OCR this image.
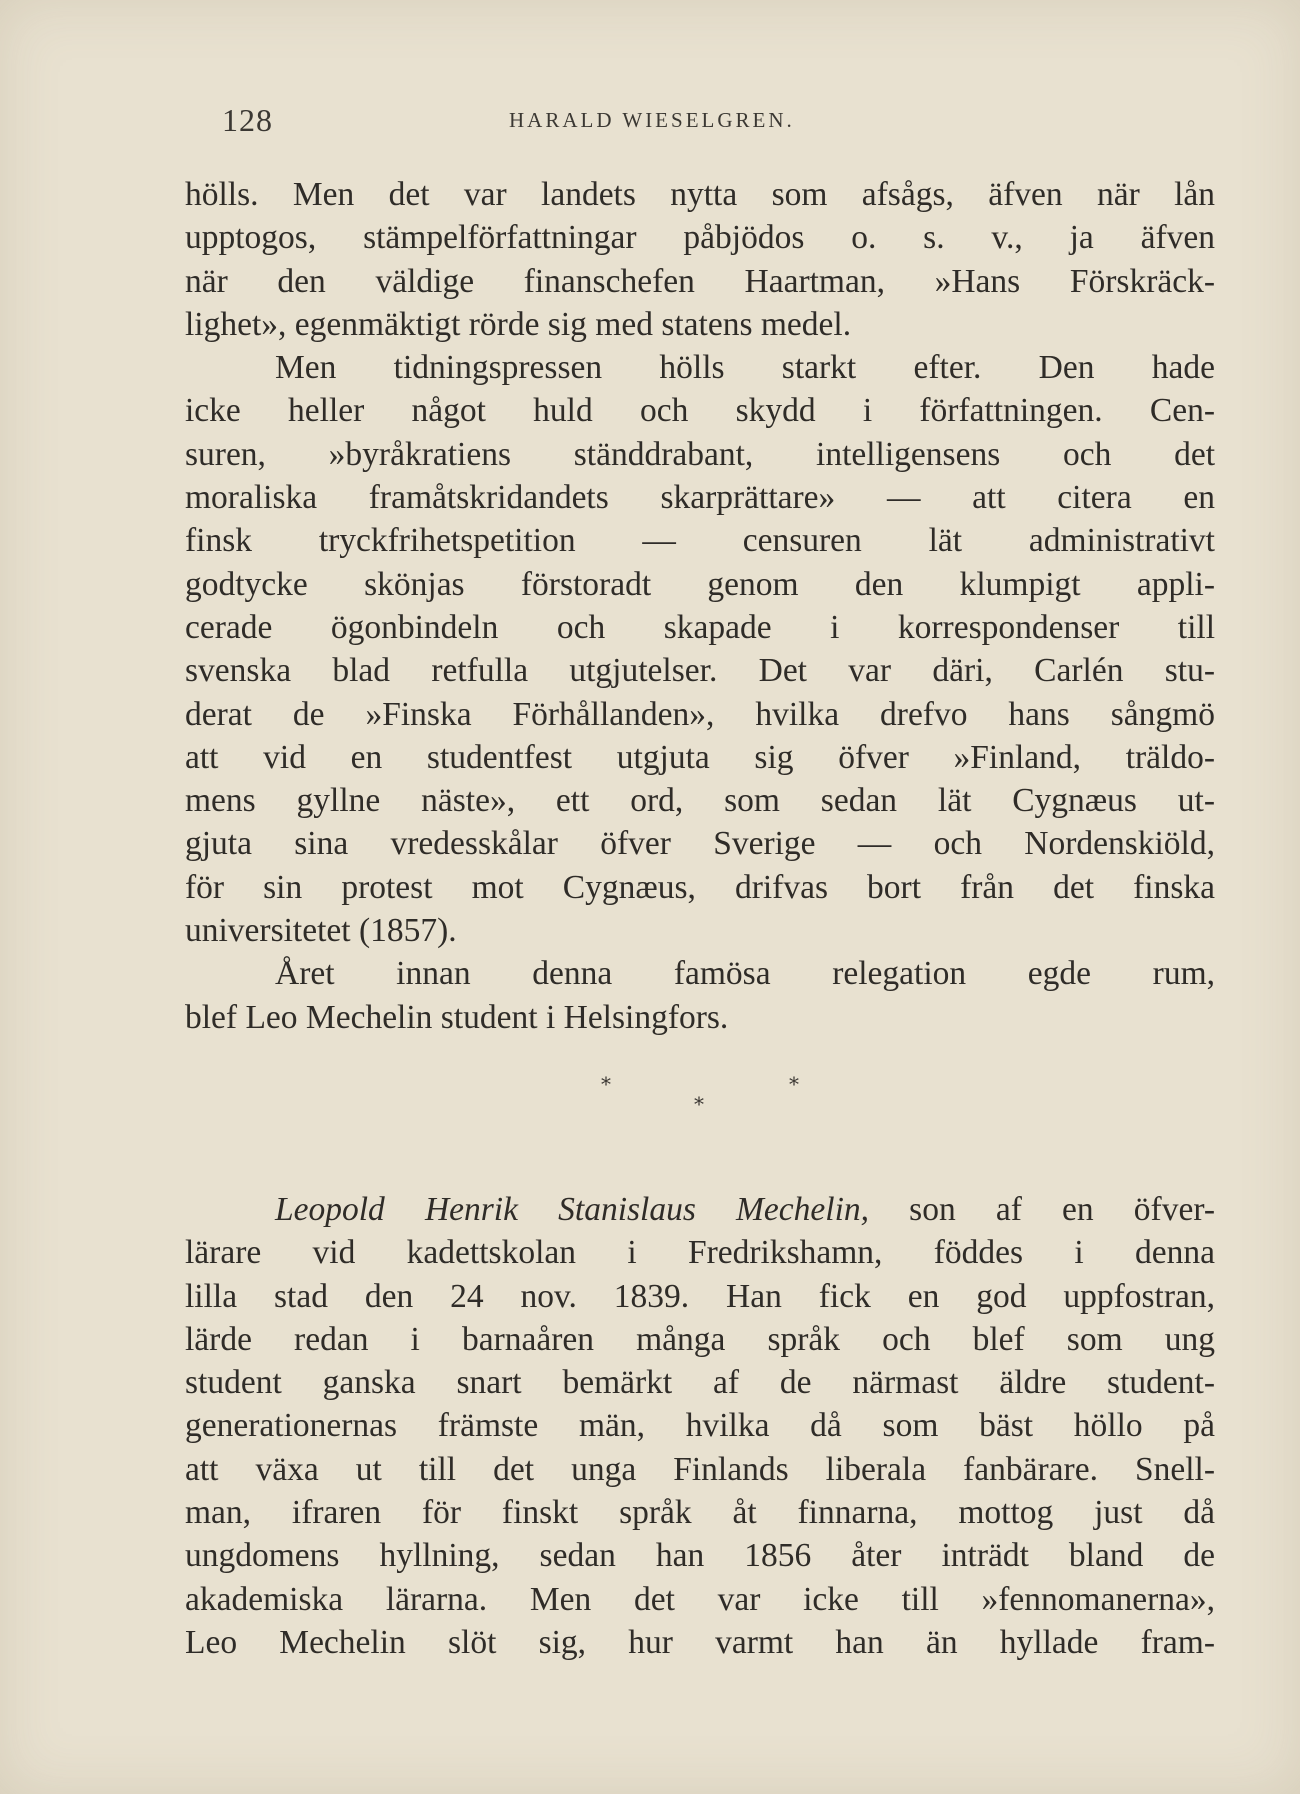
128	HARALD WIESELGREN.
hölls. Men det var landets nytta som afsågs, äfven när lån
upptogos, stämpelförfattningar påbjödos o. s. v., ja äfven
när den väldige finanschefen Haartman, »Hans Förskräck-
lighet», egenmäktigt rörde sig med statens medel.
Men tidningspressen hölls starkt efter. Den hade
icke heller något huld och skydd i författningen. Cen-
suren, »byråkratiens ständdrabant, intelligensens och det
moraliska framåtskridandets skarprättare» — att citera en
finsk tryckfrihetspetition — censuren lät administrativt
godtycke skönjas förstoradt genom den klumpigt appli-
cerade ögonbindeln och skapade i korrespondenser till
svenska blad retfulla utgjutelser. Det var däri, Carlén stu-
derat de »Finska Förhållanden», hvilka drefvo hans sångmö
att vid en studentfest utgjuta sig öfver »Finland, träldo-
mens gyllne näste», ett ord, som sedan lät Cygnæus ut-
gjuta sina vredesskålar öfver Sverige — och Nordenskiöld,
för sin protest mot Cygnæus, drifvas bort från det finska
universitetet (1857).
Året innan denna famösa relegation egde rum,
blef Leo Mechelin student i Helsingfors.
*	*
*
Leopold Henrik Stanislaus Mechelin, son af en öfver-
lärare vid kadettskolan i Fredrikshamn, föddes i denna
lilla stad den 24 nov. 1839. Han fick en god uppfostran,
lärde redan i barnaåren många språk och blef som ung
student ganska snart bemärkt af de närmast äldre student-
generationernas främste män, hvilka då som bäst höllo på
att växa ut till det unga Finlands liberala fanbärare. Snell-
man, ifraren för finskt språk åt finnarna, mottog just då
ungdomens hyllning, sedan han 1856 åter inträdt bland de
akademiska lärarna. Men det var icke till »fennomanerna»,
Leo Mechelin slöt sig, hur varmt han än hyllade fram-
